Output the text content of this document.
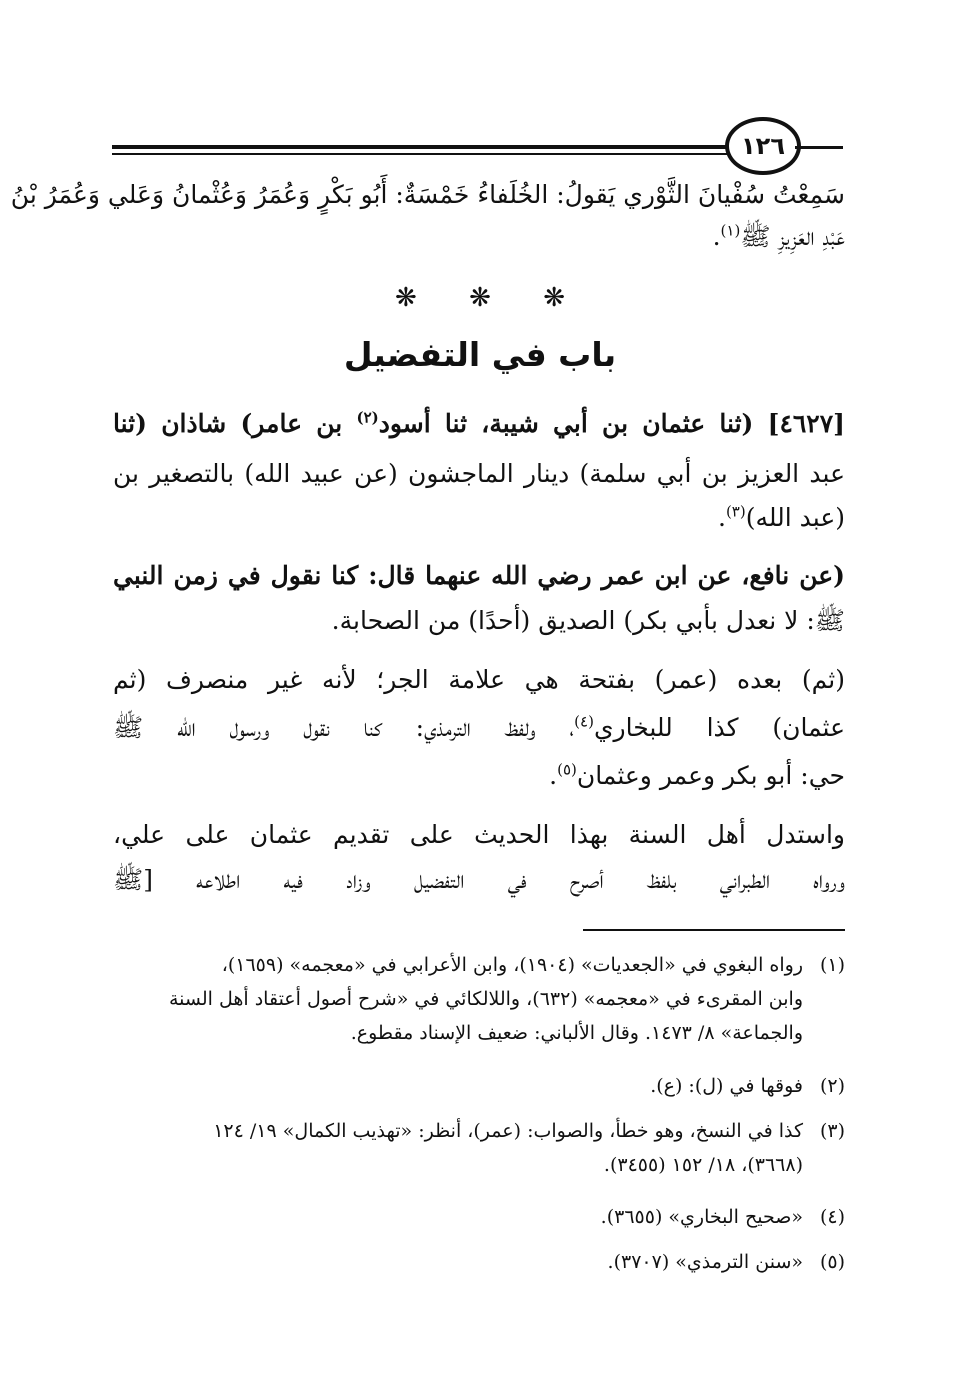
١٢٦
سَمِعْتُ سُفْيانَ الثَّوْري يَقولُ: الخُلَفاءُ خَمْسَةٌ: أَبُو بَكْرٍ وَعُمَرُ وَعُثْمانُ وَعَلي وَعُمَرُ بْنُ
عَبْدِ العَزِيزِ ﷺ$^{(١)}$.
❋ ❋ ❋
باب في التفضيل
[٤٦٢٧] (ثنا عثمان بن أبي شيبة، ثنا أسود$^{(٢)}$ بن عامر) شاذان (ثنا
عبد العزيز بن أبي سلمة) دينار الماجشون (عن عبيد الله) بالتصغير بن
(عبد الله)$^{(٣)}$.
(عن نافع، عن ابن عمر رضي الله عنهما قال: كنا نقول في زمن النبي
ﷺ: لا نعدل بأبي بكر) الصديق (أحدًا) من الصحابة.
(ثم) بعده (عمر) بفتحة هي علامة الجر؛ لأنه غير منصرف (ثم
عثمان) كذا للبخاري$^{(٤)}$، ولفظ الترمذي: كنا نقول ورسول الله ﷺ
حي: أبو بكر وعمر وعثمان$^{(٥)}$.
واستدل أهل السنة بهذا الحديث على تقديم عثمان على علي،
ورواه الطبراني بلفظ أصرح في التفضيل وزاد فيه اطلاعه [ﷺ
(١)رواه البغوي في «الجعديات» (١٩٠٤)، وابن الأعرابي في «معجمه» (١٦٥٩)،
وابن المقرىء في «معجمه» (٦٣٢)، واللالكائي في «شرح أصول أعتقاد أهل السنة
والجماعة» ٨/ ١٤٧٣. وقال الألباني: ضعيف الإسناد مقطوع.
(٢)فوقها في (ل): (ع).
(٣)كذا في النسخ، وهو خطأ، والصواب: (عمر)، أنظر: «تهذيب الكمال» ١٩/ ١٢٤
(٣٦٦٨)، ١٨/ ١٥٢ (٣٤٥٥).
(٤)«صحيح البخاري» (٣٦٥٥).
(٥)«سنن الترمذي» (٣٧٠٧).
